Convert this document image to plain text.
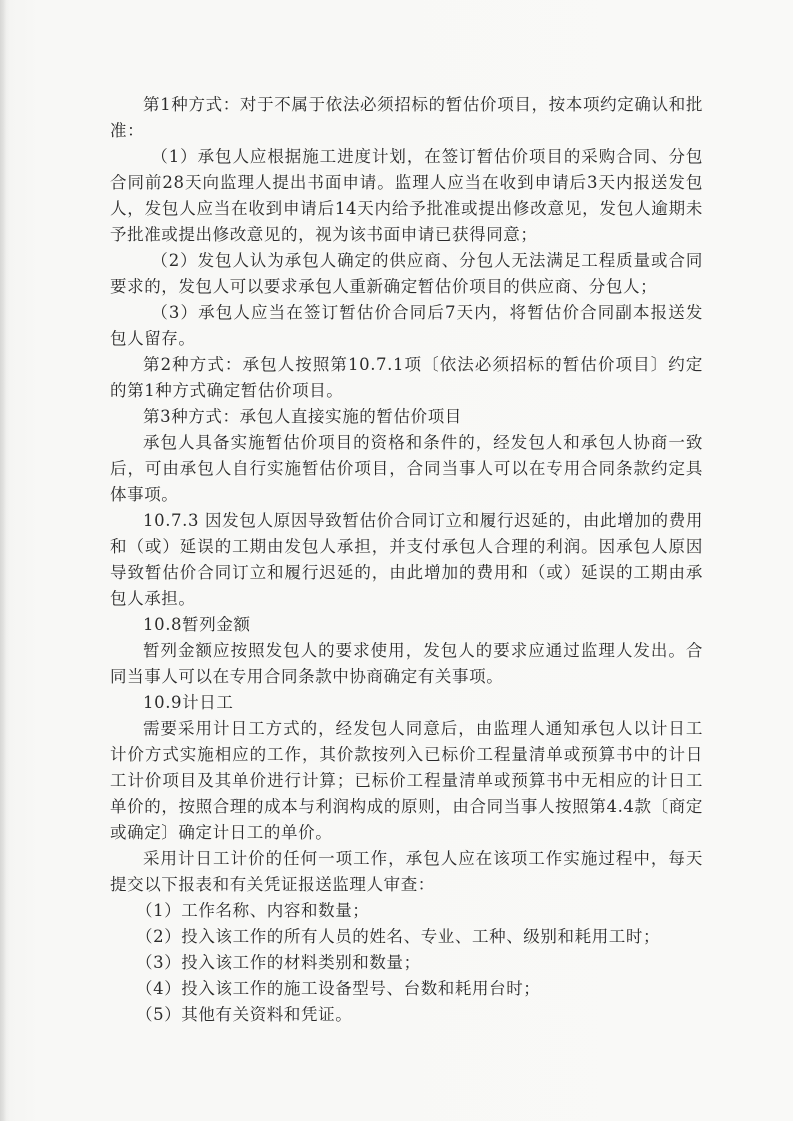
第1种方式：对于不属于依法必须招标的暂估价项目，按本项约定确认和批准：

（1）承包人应根据施工进度计划，在签订暂估价项目的采购合同、分包合同前28天向监理人提出书面申请。监理人应当在收到申请后3天内报送发包人，发包人应当在收到申请后14天内给予批准或提出修改意见，发包人逾期未予批准或提出修改意见的，视为该书面申请已获得同意；

（2）发包人认为承包人确定的供应商、分包人无法满足工程质量或合同要求的，发包人可以要求承包人重新确定暂估价项目的供应商、分包人；

（3）承包人应当在签订暂估价合同后7天内，将暂估价合同副本报送发包人留存。

第2种方式：承包人按照第10.7.1项〔依法必须招标的暂估价项目〕约定的第1种方式确定暂估价项目。

第3种方式：承包人直接实施的暂估价项目

承包人具备实施暂估价项目的资格和条件的，经发包人和承包人协商一致后，可由承包人自行实施暂估价项目，合同当事人可以在专用合同条款约定具体事项。

10.7.3 因发包人原因导致暂估价合同订立和履行迟延的，由此增加的费用和（或）延误的工期由发包人承担，并支付承包人合理的利润。因承包人原因导致暂估价合同订立和履行迟延的，由此增加的费用和（或）延误的工期由承包人承担。

10.8暂列金额

暂列金额应按照发包人的要求使用，发包人的要求应通过监理人发出。合同当事人可以在专用合同条款中协商确定有关事项。

10.9计日工

需要采用计日工方式的，经发包人同意后，由监理人通知承包人以计日工计价方式实施相应的工作，其价款按列入已标价工程量清单或预算书中的计日工计价项目及其单价进行计算；已标价工程量清单或预算书中无相应的计日工单价的，按照合理的成本与利润构成的原则，由合同当事人按照第4.4款〔商定或确定〕确定计日工的单价。

采用计日工计价的任何一项工作，承包人应在该项工作实施过程中，每天提交以下报表和有关凭证报送监理人审查：

（1）工作名称、内容和数量；

（2）投入该工作的所有人员的姓名、专业、工种、级别和耗用工时；

（3）投入该工作的材料类别和数量；

（4）投入该工作的施工设备型号、台数和耗用台时；

（5）其他有关资料和凭证。
